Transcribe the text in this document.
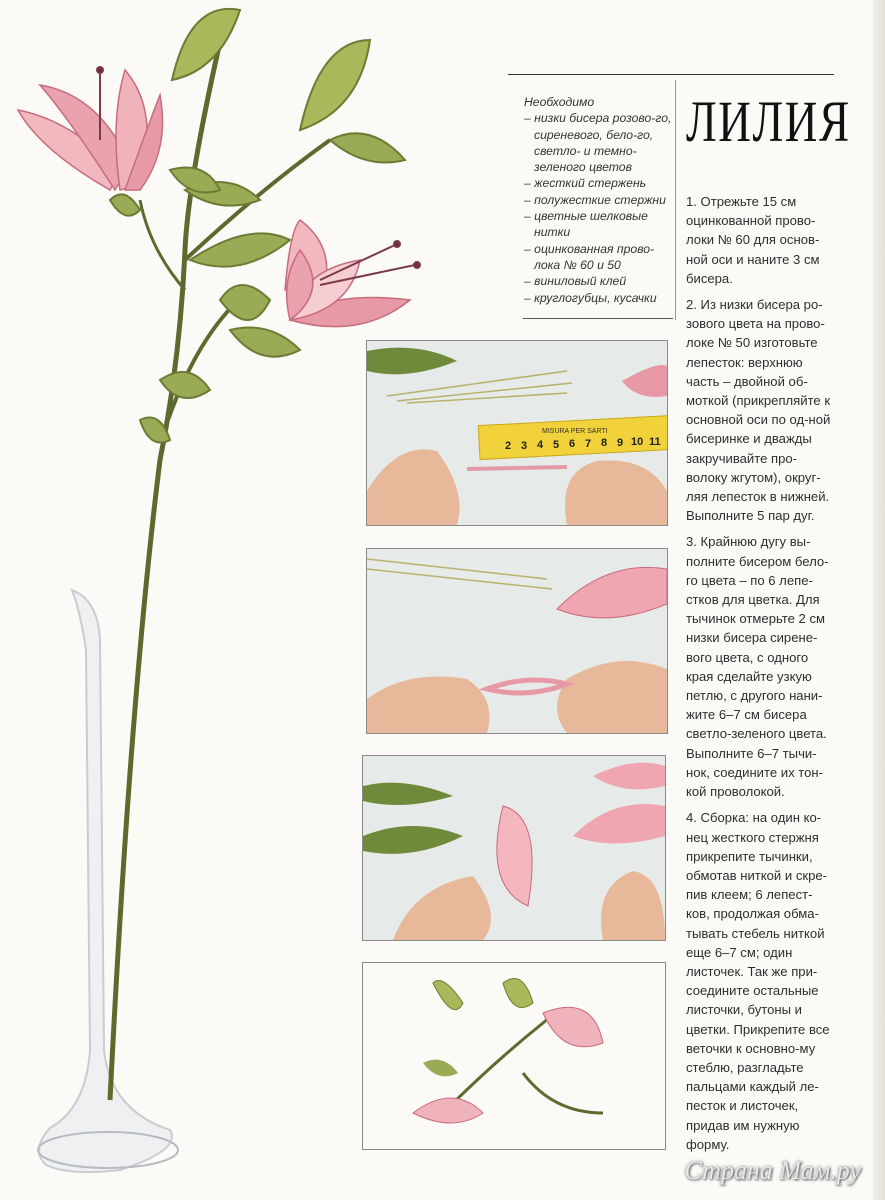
Необходимо
– низки бисера розово-го, сиреневого, бело-го, светло- и темно-зеленого цветов
– жесткий стержень
– полужесткие стержни
– цветные шелковые нитки
– оцинкованная прово-лока № 60 и 50
– виниловый клей
– круглогубцы, кусачки
ЛИЛИЯ

1. Отрежьте 15 см оцинкованной прово-локи № 60 для основ-ной оси и наните 3 см бисера.

2. Из низки бисера ро-зового цвета на прово-локе № 50 изготовьте лепесток: верхнюю часть – двойной об-моткой (прикрепляйте к основной оси по од-ной бисеринке и дважды закручивайте про-волоку жгутом), округ-ляя лепесток в нижней. Выполните 5 пар дуг.

3. Крайнюю дугу вы-полните бисером бело-го цвета – по 6 лепе-стков для цветка. Для тычинок отмерьте 2 см низки бисера сирене-вого цвета, с одного края сделайте узкую петлю, с другого нани-жите 6–7 см бисера светло-зеленого цвета. Выполните 6–7 тычи-нок, соедините их тон-кой проволокой.

4. Сборка: на один ко-нец жесткого стержня прикрепите тычинки, обмотав ниткой и скре-пив клеем; 6 лепест-ков, продолжая обма-тывать стебель ниткой еще 6–7 см; один листочек. Так же при-соедините остальные листочки, бутоны и цветки. Прикрепите все веточки к основно-му стеблю, разгладьте пальцами каждый ле-песток и листочек, придав им нужную форму.

MISURA PER SARTI
2 3 4 5 6 7 8 9 10 11
Страна Мам.ру
